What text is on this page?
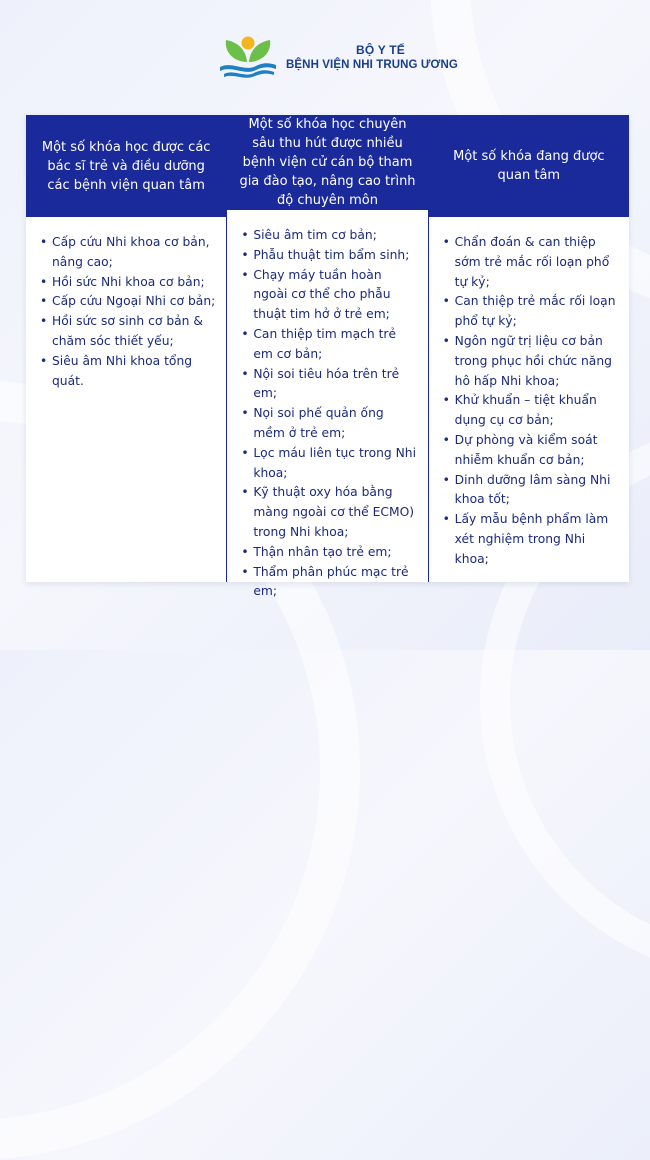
BỘ Y TẾ
BỆNH VIỆN NHI TRUNG ƯƠNG
Một số khóa học được các bác sĩ trẻ và điều dưỡng các bệnh viện quan tâm

• Cấp cứu Nhi khoa cơ bản, nâng cao;

• Hồi sức Nhi khoa cơ bản;

• Cấp cứu Ngoại Nhi cơ bản;

• Hồi sức sơ sinh cơ bản & chăm sóc thiết yếu;

• Siêu âm Nhi khoa tổng quát.

Một số khóa học chuyên sâu thu hút được nhiều bệnh viện cử cán bộ tham gia đào tạo, nâng cao trình độ chuyên môn

• Siêu âm tim cơ bản;

• Phẫu thuật tim bẩm sinh;

• Chạy máy tuần hoàn ngoài cơ thể cho phẫu thuật tim hở ở trẻ em;

• Can thiệp tim mạch trẻ em cơ bản;

• Nội soi tiêu hóa trên trẻ em;

• Nọi soi phế quản ống mềm ở trẻ em;

• Lọc máu liên tục trong Nhi khoa;

• Kỹ thuật oxy hóa bằng màng ngoài cơ thể ECMO) trong Nhi khoa;

• Thận nhân tạo trẻ em;

• Thẩm phân phúc mạc trẻ em;

Một số khóa đang được quan tâm

• Chẩn đoán & can thiệp sớm trẻ mắc rối loạn phổ tự kỷ;

• Can thiệp trẻ mắc rối loạn phổ tự kỷ;

• Ngôn ngữ trị liệu cơ bản trong phục hồi chức năng hô hấp Nhi khoa;

• Khử khuẩn – tiệt khuẩn dụng cụ cơ bản;

• Dự phòng và kiểm soát nhiễm khuẩn cơ bản;

• Dinh dưỡng lâm sàng Nhi khoa tốt;

• Lấy mẫu bệnh phẩm làm xét nghiệm trong Nhi khoa;
